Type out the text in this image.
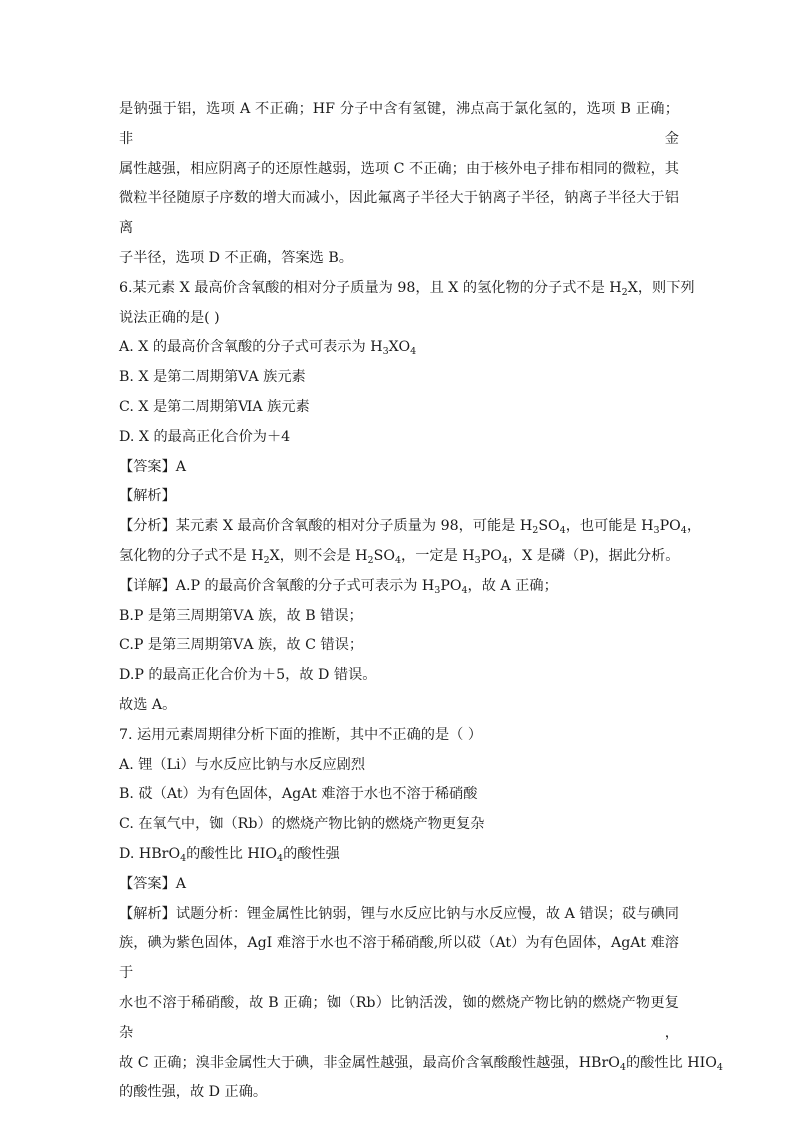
是钠强于铝，选项 A 不正确；HF 分子中含有氢键，沸点高于氯化氢的，选项 B 正确；非金
属性越强，相应阴离子的还原性越弱，选项 C 不正确；由于核外电子排布相同的微粒，其
微粒半径随原子序数的增大而减小，因此氟离子半径大于钠离子半径，钠离子半径大于铝离
子半径，选项 D 不正确，答案选 B。
6.某元素 X 最高价含氧酸的相对分子质量为 98，且 X 的氢化物的分子式不是 $H_2X$，则下列
说法正确的是( )
A. X 的最高价含氧酸的分子式可表示为 $H_3XO_4$
B. X 是第二周期第ⅤA 族元素
C. X 是第二周期第ⅥA 族元素
D. X 的最高正化合价为＋4
【答案】A
【解析】
【分析】某元素 X 最高价含氧酸的相对分子质量为 98，可能是 $H_2SO_4$，也可能是 $H_3PO_4$，
氢化物的分子式不是 $H_2X$，则不会是 $H_2SO_4$，一定是 $H_3PO_4$，X 是磷（P)，据此分析。
【详解】A.P 的最高价含氧酸的分子式可表示为 $H_3PO_4$，故 A 正确；
B.P 是第三周期第ⅤA 族，故 B 错误；
C.P 是第三周期第ⅤA 族，故 C 错误；
D.P 的最高正化合价为＋5，故 D 错误。
故选 A。
7. 运用元素周期律分析下面的推断，其中不正确的是（ ）
A. 锂（Li）与水反应比钠与水反应剧烈
B. 砹（At）为有色固体，AgAt 难溶于水也不溶于稀硝酸
C. 在氧气中，铷（Rb）的燃烧产物比钠的燃烧产物更复杂
D. HBrO$_4$的酸性比 $HIO_4$的酸性强
【答案】A
【解析】试题分析：锂金属性比钠弱，锂与水反应比钠与水反应慢，故 A 错误；砹与碘同
族，碘为紫色固体，AgI 难溶于水也不溶于稀硝酸,所以砹（At）为有色固体，AgAt 难溶于
水也不溶于稀硝酸，故 B 正确；铷（Rb）比钠活泼，铷的燃烧产物比钠的燃烧产物更复杂，
故 C 正确；溴非金属性大于碘，非金属性越强，最高价含氧酸酸性越强，HBrO$_4$的酸性比 $HIO_4$
的酸性强，故 D 正确。
